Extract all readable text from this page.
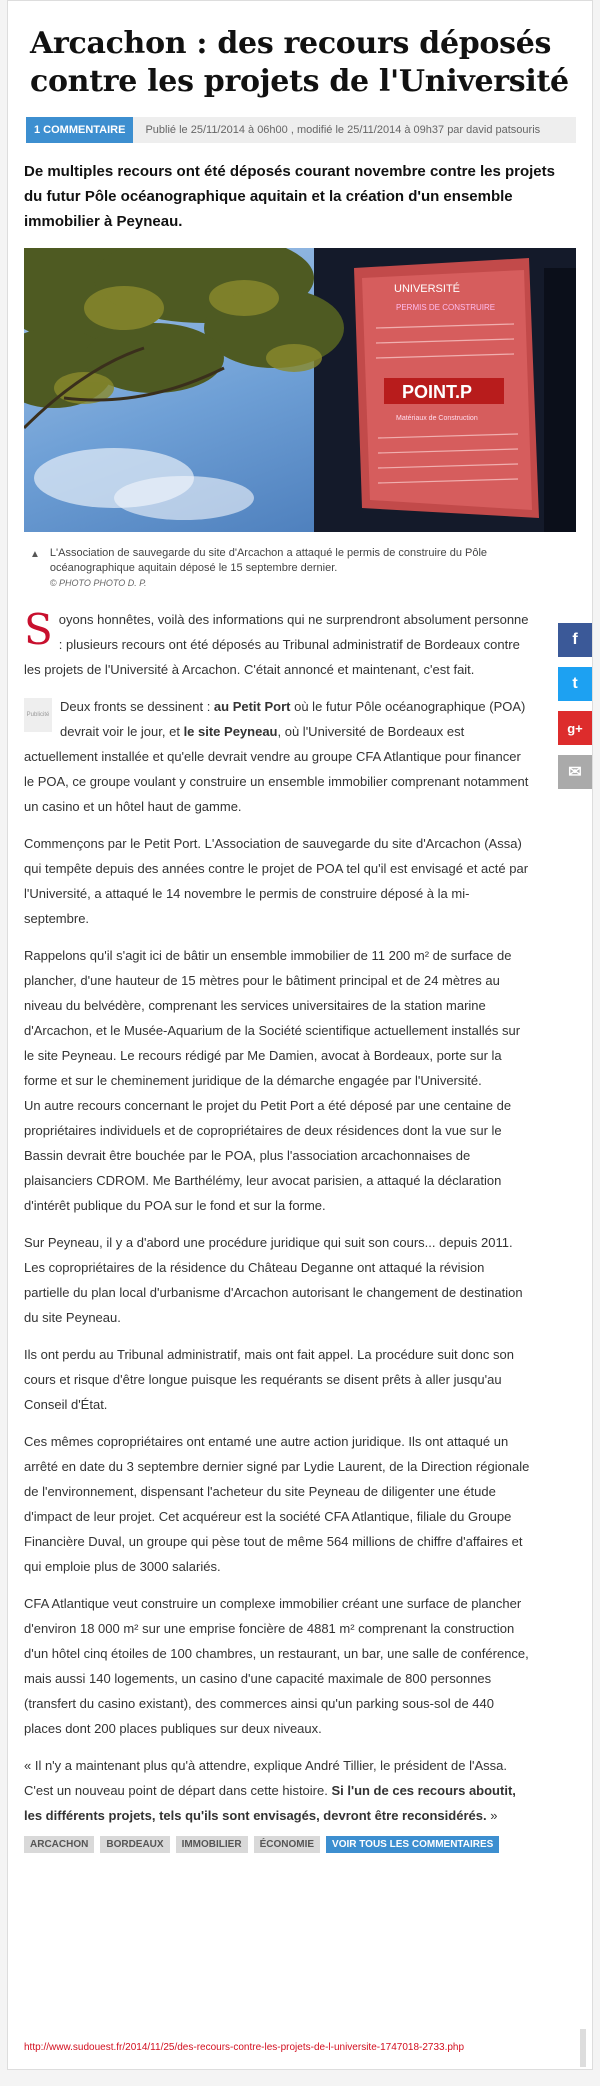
Arcachon : des recours déposés contre les projets de l'Université
1 COMMENTAIRE	Publié le 25/11/2014 à 06h00 , modifié le 25/11/2014 à 09h37 par david patsouris
De multiples recours ont été déposés courant novembre contre les projets du futur Pôle océanographique aquitain et la création d'un ensemble immobilier à Peyneau.
UNIVERSITÉ
PERMIS DE CONSTRUIRE
POINT.P
Matériaux de Construction
▲ L'Association de sauvegarde du site d'Arcachon a attaqué le permis de construire du Pôle océanographique aquitain déposé le 15 septembre dernier.
© PHOTO PHOTO D. P.

S oyons honnêtes, voilà des informations qui ne surprendront absolument personne : plusieurs recours ont été déposés au Tribunal administratif de Bordeaux contre les projets de l'Université à Arcachon. C'était annoncé et maintenant, c'est fait.

Publicité
Deux fronts se dessinent : au Petit Port où le futur Pôle océanographique (POA) devrait voir le jour, et le site Peyneau, où l'Université de Bordeaux est actuellement installée et qu'elle devrait vendre au groupe CFA Atlantique pour financer le POA, ce groupe voulant y construire un ensemble immobilier comprenant notamment un casino et un hôtel haut de gamme.

Commençons par le Petit Port. L'Association de sauvegarde du site d'Arcachon (Assa) qui tempête depuis des années contre le projet de POA tel qu'il est envisagé et acté par l'Université, a attaqué le 14 novembre le permis de construire déposé à la mi-septembre.

Rappelons qu'il s'agit ici de bâtir un ensemble immobilier de 11 200 m² de surface de plancher, d'une hauteur de 15 mètres pour le bâtiment principal et de 24 mètres au niveau du belvédère, comprenant les services universitaires de la station marine d'Arcachon, et le Musée-Aquarium de la Société scientifique actuellement installés sur le site Peyneau. Le recours rédigé par Me Damien, avocat à Bordeaux, porte sur la forme et sur le cheminement juridique de la démarche engagée par l'Université.

Un autre recours concernant le projet du Petit Port a été déposé par une centaine de propriétaires individuels et de copropriétaires de deux résidences dont la vue sur le Bassin devrait être bouchée par le POA, plus l'association arcachonnaises de plaisanciers CDROM. Me Barthélémy, leur avocat parisien, a attaqué la déclaration d'intérêt publique du POA sur le fond et sur la forme.

Sur Peyneau, il y a d'abord une procédure juridique qui suit son cours... depuis 2011. Les copropriétaires de la résidence du Château Deganne ont attaqué la révision partielle du plan local d'urbanisme d'Arcachon autorisant le changement de destination du site Peyneau.

Ils ont perdu au Tribunal administratif, mais ont fait appel. La procédure suit donc son cours et risque d'être longue puisque les requérants se disent prêts à aller jusqu'au Conseil d'État.

Ces mêmes copropriétaires ont entamé une autre action juridique. Ils ont attaqué un arrêté en date du 3 septembre dernier signé par Lydie Laurent, de la Direction régionale de l'environnement, dispensant l'acheteur du site Peyneau de diligenter une étude d'impact de leur projet. Cet acquéreur est la société CFA Atlantique, filiale du Groupe Financière Duval, un groupe qui pèse tout de même 564 millions de chiffre d'affaires et qui emploie plus de 3000 salariés.

CFA Atlantique veut construire un complexe immobilier créant une surface de plancher d'environ 18 000 m² sur une emprise foncière de 4881 m² comprenant la construction d'un hôtel cinq étoiles de 100 chambres, un restaurant, un bar, une salle de conférence, mais aussi 140 logements, un casino d'une capacité maximale de 800 personnes (transfert du casino existant), des commerces ainsi qu'un parking sous-sol de 440 places dont 200 places publiques sur deux niveaux.

« Il n'y a maintenant plus qu'à attendre, explique André Tillier, le président de l'Assa. C'est un nouveau point de départ dans cette histoire. Si l'un de ces recours aboutit, les différents projets, tels qu'ils sont envisagés, devront être reconsidérés. »

f
t
g+
✉
ARCACHON	BORDEAUX	IMMOBILIER	ÉCONOMIE	VOIR TOUS LES COMMENTAIRES
http://www.sudouest.fr/2014/11/25/des-recours-contre-les-projets-de-l-universite-1747018-2733.php
